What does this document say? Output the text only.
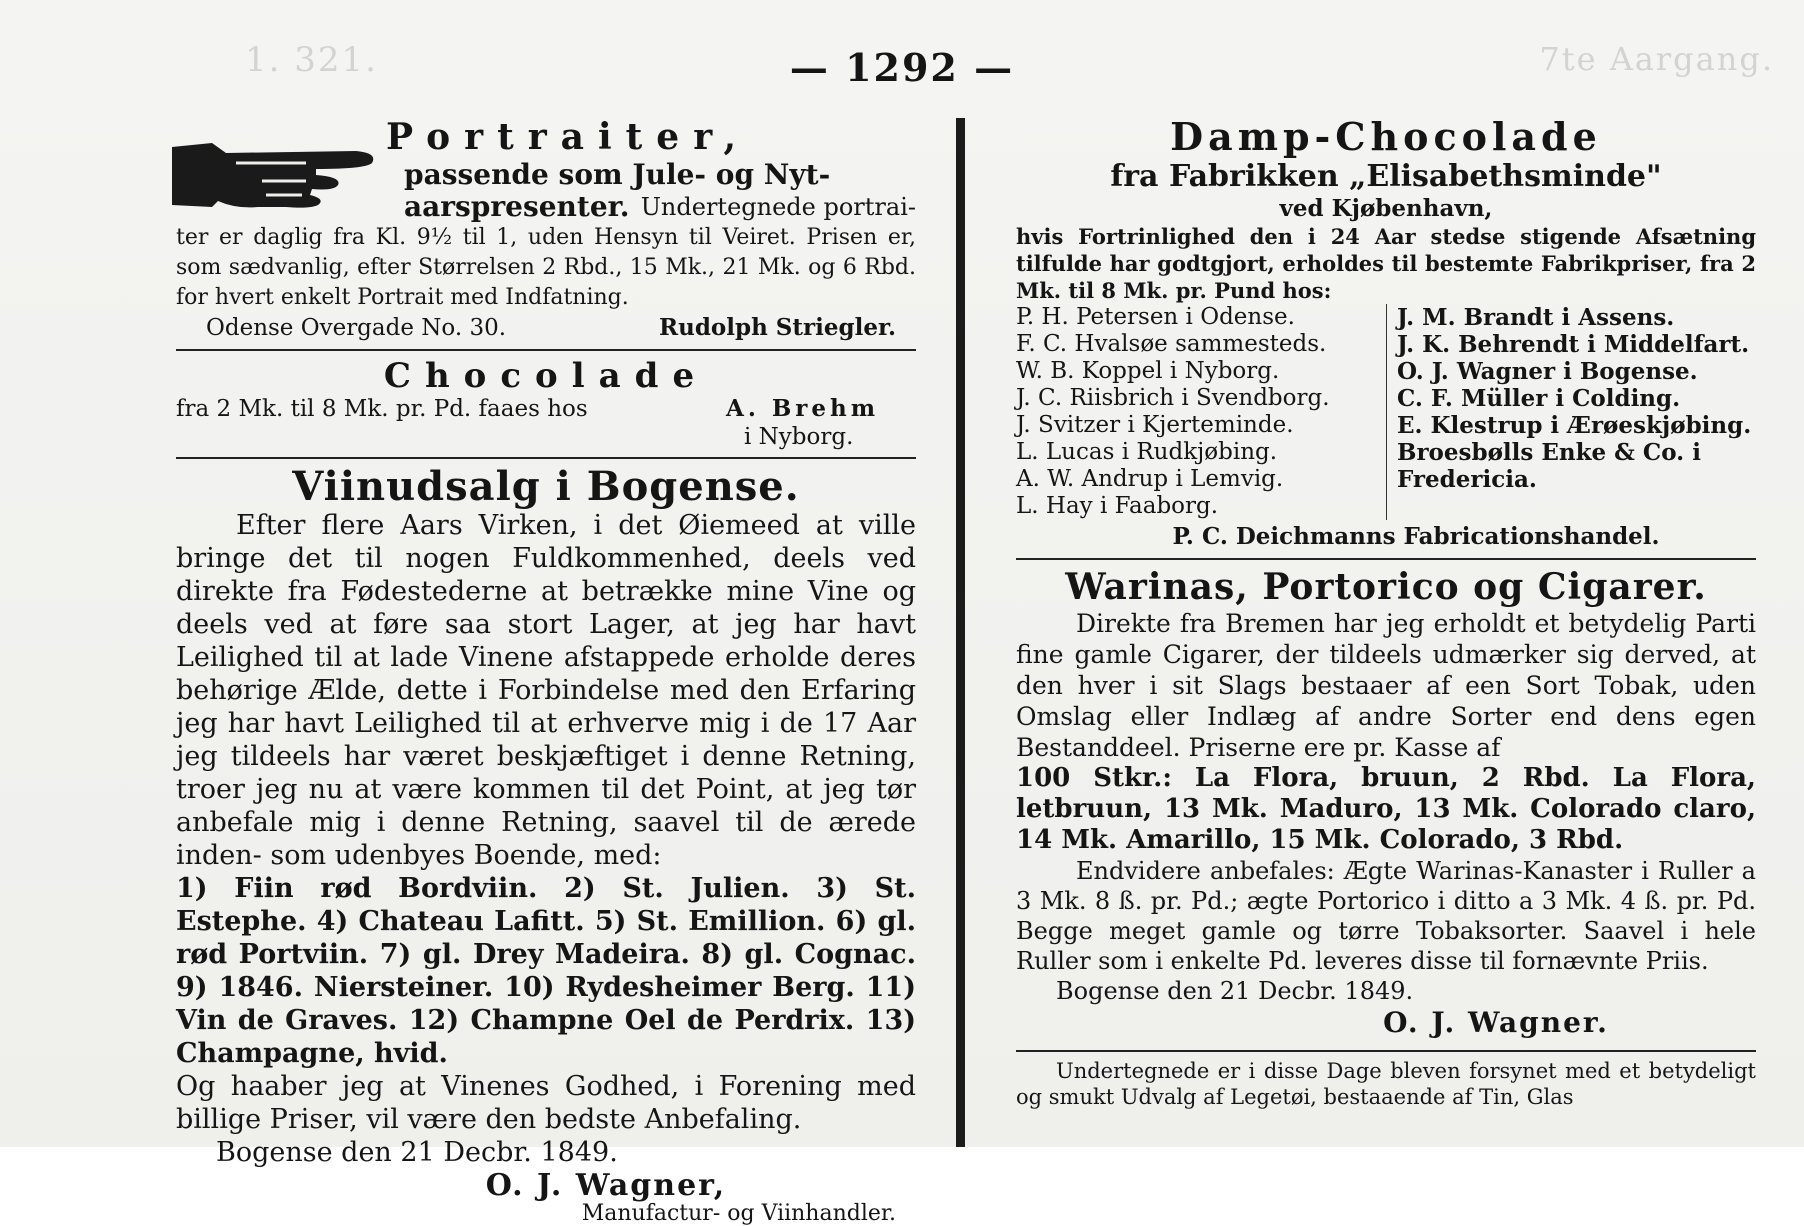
1. 321.	7te Aargang.
— 1292 —
Portraiter,
passende som Jule- og Nyt-
aarspresenter. Undertegnede portrai-

ter er daglig fra Kl. 9½ til 1, uden Hensyn til Veiret. Prisen er, som sædvanlig, efter Størrelsen 2 Rbd., 15 Mk., 21 Mk. og 6 Rbd. for hvert enkelt Portrait med Indfatning.

Odense Overgade No. 30.	Rudolph Striegler.

Chocolade

fra 2 Mk. til 8 Mk. pr. Pd. faaes hos	A. Brehm
i Nyborg.

Viinudsalg i Bogense.

Efter flere Aars Virken, i det Øiemeed at ville bringe det til nogen Fuldkommenhed, deels ved direkte fra Fødestederne at betrække mine Vine og deels ved at føre saa stort Lager, at jeg har havt Leilighed til at lade Vinene afstappede erholde deres behørige Ælde, dette i Forbindelse med den Erfaring jeg har havt Leilighed til at erhverve mig i de 17 Aar jeg tildeels har været beskjæftiget i denne Retning, troer jeg nu at være kommen til det Point, at jeg tør anbefale mig i denne Retning, saavel til de ærede inden- som udenbyes Boende, med:

1) Fiin rød Bordviin. 2) St. Julien. 3) St. Estephe. 4) Chateau Lafitt. 5) St. Emillion. 6) gl. rød Portviin. 7) gl. Drey Madeira. 8) gl. Cognac. 9) 1846. Niersteiner. 10) Rydesheimer Berg. 11) Vin de Graves. 12) Champne Oel de Perdrix. 13) Champagne, hvid.

Og haaber jeg at Vinenes Godhed, i Forening med billige Priser, vil være den bedste Anbefaling.

Bogense den 21 Decbr. 1849.

O. J. Wagner,

Manufactur- og Viinhandler.

Damp-Chocolade

fra Fabrikken „Elisabethsminde"

ved Kjøbenhavn,

hvis Fortrinlighed den i 24 Aar stedse stigende Afsætning tilfulde har godtgjort, erholdes til bestemte Fabrikpriser, fra 2 Mk. til 8 Mk. pr. Pund hos:

P. H. Petersen i Odense.
F. C. Hvalsøe sammesteds.
W. B. Koppel i Nyborg.
J. C. Riisbrich i Svendborg.
J. Svitzer i Kjerteminde.
L. Lucas i Rudkjøbing.
A. W. Andrup i Lemvig.
L. Hay i Faaborg.
J. M. Brandt i Assens.
J. K. Behrendt i Middelfart.
O. J. Wagner i Bogense.
C. F. Müller i Colding.
E. Klestrup i Ærøeskjøbing.
Broesbølls Enke & Co. i
Fredericia.

P. C. Deichmanns Fabricationshandel.

Warinas, Portorico og Cigarer.

Direkte fra Bremen har jeg erholdt et betydelig Parti fine gamle Cigarer, der tildeels udmærker sig derved, at den hver i sit Slags bestaaer af een Sort Tobak, uden Omslag eller Indlæg af andre Sorter end dens egen Bestanddeel. Priserne ere pr. Kasse af

100 Stkr.: La Flora, bruun, 2 Rbd. La Flora, letbruun, 13 Mk. Maduro, 13 Mk. Colorado claro, 14 Mk. Amarillo, 15 Mk. Colorado, 3 Rbd.

Endvidere anbefales: Ægte Warinas-Kanaster i Ruller a 3 Mk. 8 ß. pr. Pd.; ægte Portorico i ditto a 3 Mk. 4 ß. pr. Pd. Begge meget gamle og tørre Tobaksorter. Saavel i hele Ruller som i enkelte Pd. leveres disse til fornævnte Priis.

Bogense den 21 Decbr. 1849.

O. J. Wagner.

Undertegnede er i disse Dage bleven forsynet med et betydeligt og smukt Udvalg af Legetøi, bestaaende af Tin, Glas
